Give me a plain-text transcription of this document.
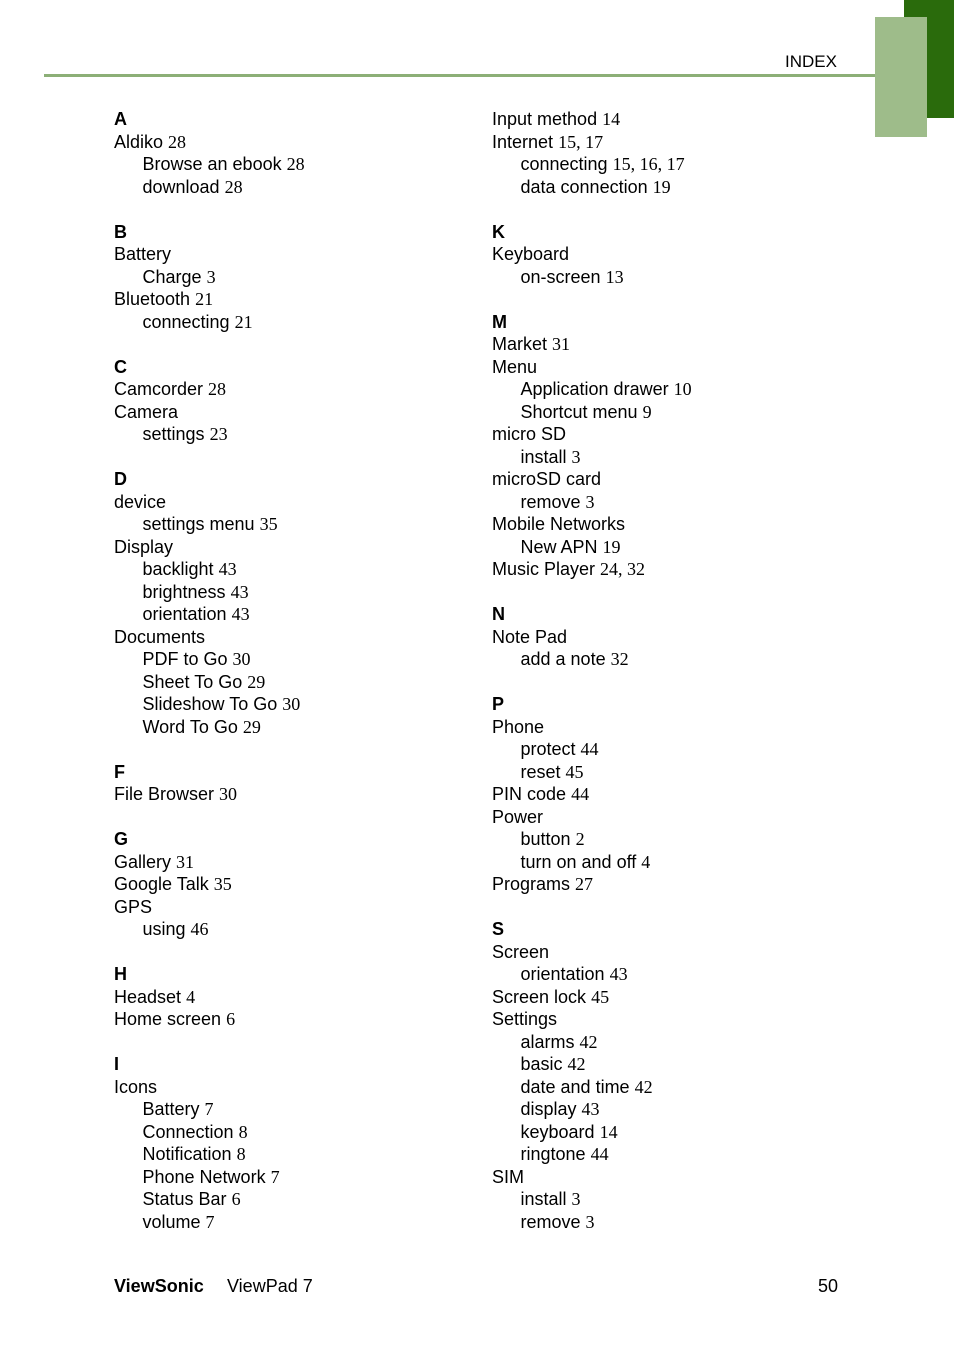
INDEX
A
Aldiko 28
Browse an ebook 28
download 28
B
Battery
Charge 3
Bluetooth 21
connecting 21
C
Camcorder 28
Camera
settings 23
D
device
settings menu 35
Display
backlight 43
brightness 43
orientation 43
Documents
PDF to Go 30
Sheet To Go 29
Slideshow To Go 30
Word To Go 29
F
File Browser 30
G
Gallery 31
Google Talk 35
GPS
using 46
H
Headset 4
Home screen 6
I
Icons
Battery 7
Connection 8
Notification 8
Phone Network 7
Status Bar 6
volume 7
Input method 14
Internet 15, 17
connecting 15, 16, 17
data connection 19
K
Keyboard
on-screen 13
M
Market 31
Menu
Application drawer 10
Shortcut menu 9
micro SD
install 3
microSD card
remove 3
Mobile Networks
New APN 19
Music Player 24, 32
N
Note Pad
add a note 32
P
Phone
protect 44
reset 45
PIN code 44
Power
button 2
turn on and off 4
Programs 27
S
Screen
orientation 43
Screen lock 45
Settings
alarms 42
basic 42
date and time 42
display 43
keyboard 14
ringtone 44
SIM
install 3
remove 3
ViewSonic ViewPad 7	50
